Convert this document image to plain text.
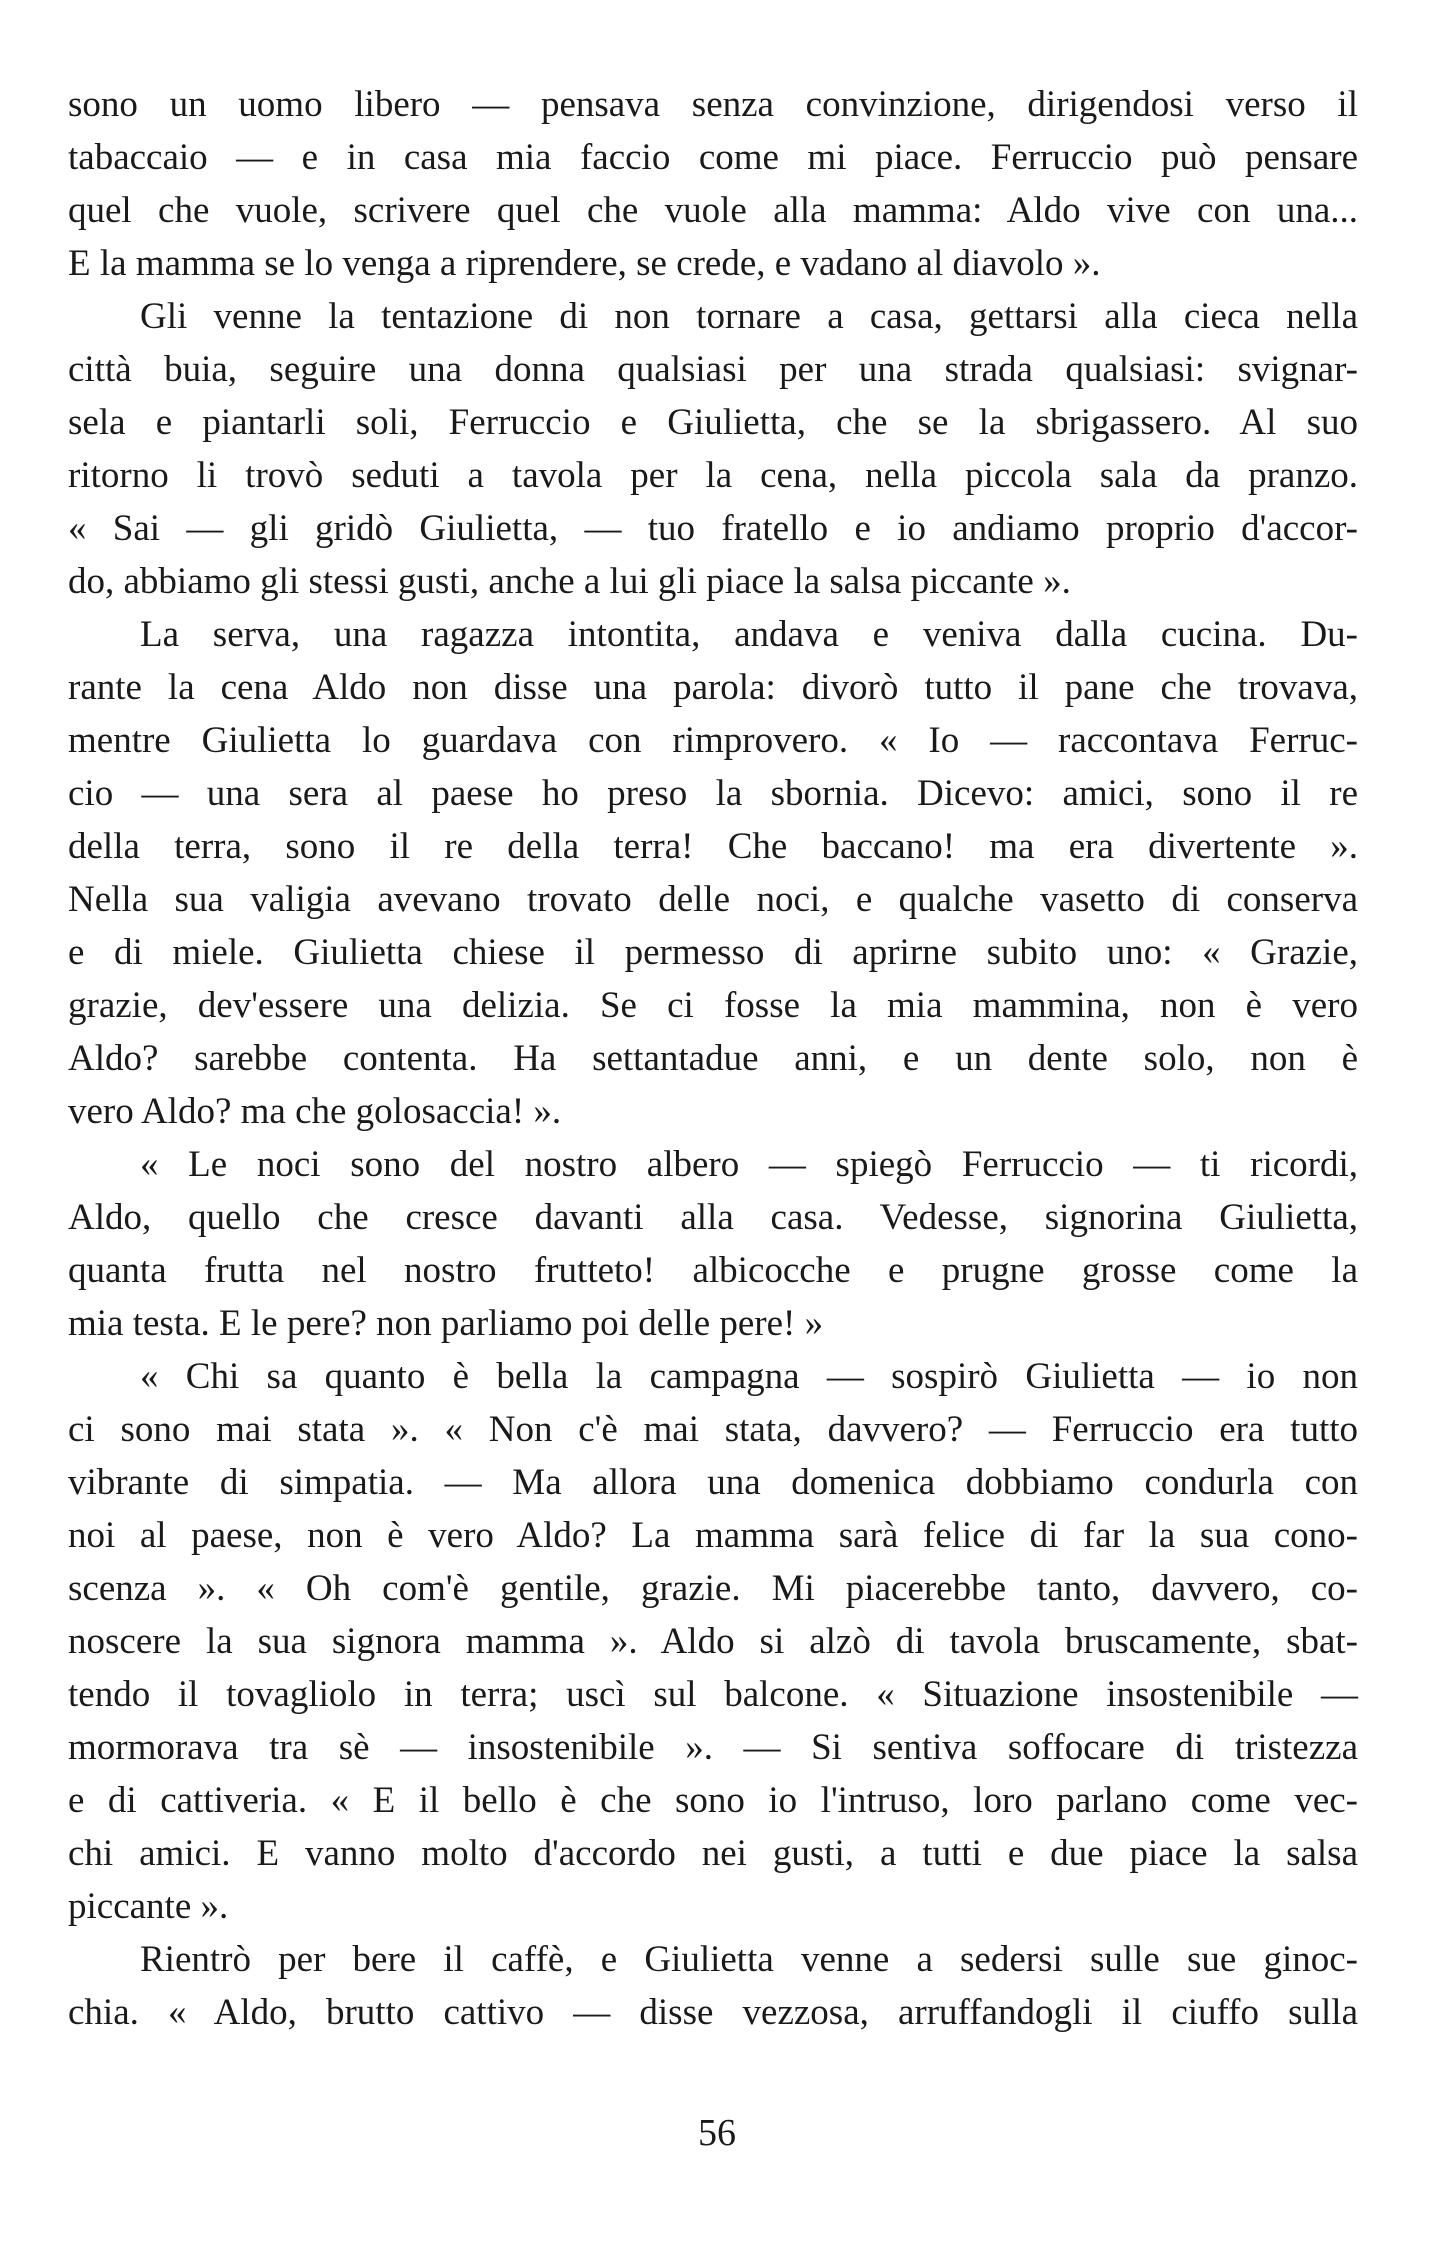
sono un uomo libero — pensava senza convinzione, dirigendosi verso il
tabaccaio — e in casa mia faccio come mi piace. Ferruccio può pensare
quel che vuole, scrivere quel che vuole alla mamma: Aldo vive con una...
E la mamma se lo venga a riprendere, se crede, e vadano al diavolo ».
Gli venne la tentazione di non tornare a casa, gettarsi alla cieca nella
città buia, seguire una donna qualsiasi per una strada qualsiasi: svignar-
sela e piantarli soli, Ferruccio e Giulietta, che se la sbrigassero. Al suo
ritorno li trovò seduti a tavola per la cena, nella piccola sala da pranzo.
« Sai — gli gridò Giulietta, — tuo fratello e io andiamo proprio d'accor-
do, abbiamo gli stessi gusti, anche a lui gli piace la salsa piccante ».
La serva, una ragazza intontita, andava e veniva dalla cucina. Du-
rante la cena Aldo non disse una parola: divorò tutto il pane che trovava,
mentre Giulietta lo guardava con rimprovero. « Io — raccontava Ferruc-
cio — una sera al paese ho preso la sbornia. Dicevo: amici, sono il re
della terra, sono il re della terra! Che baccano! ma era divertente ».
Nella sua valigia avevano trovato delle noci, e qualche vasetto di conserva
e di miele. Giulietta chiese il permesso di aprirne subito uno: « Grazie,
grazie, dev'essere una delizia. Se ci fosse la mia mammina, non è vero
Aldo? sarebbe contenta. Ha settantadue anni, e un dente solo, non è
vero Aldo? ma che golosaccia! ».
« Le noci sono del nostro albero — spiegò Ferruccio — ti ricordi,
Aldo, quello che cresce davanti alla casa. Vedesse, signorina Giulietta,
quanta frutta nel nostro frutteto! albicocche e prugne grosse come la
mia testa. E le pere? non parliamo poi delle pere! »
« Chi sa quanto è bella la campagna — sospirò Giulietta — io non
ci sono mai stata ». « Non c'è mai stata, davvero? — Ferruccio era tutto
vibrante di simpatia. — Ma allora una domenica dobbiamo condurla con
noi al paese, non è vero Aldo? La mamma sarà felice di far la sua cono-
scenza ». « Oh com'è gentile, grazie. Mi piacerebbe tanto, davvero, co-
noscere la sua signora mamma ». Aldo si alzò di tavola bruscamente, sbat-
tendo il tovagliolo in terra; uscì sul balcone. « Situazione insostenibile —
mormorava tra sè — insostenibile ». — Si sentiva soffocare di tristezza
e di cattiveria. « E il bello è che sono io l'intruso, loro parlano come vec-
chi amici. E vanno molto d'accordo nei gusti, a tutti e due piace la salsa
piccante ».
Rientrò per bere il caffè, e Giulietta venne a sedersi sulle sue ginoc-
chia. « Aldo, brutto cattivo — disse vezzosa, arruffandogli il ciuffo sulla
56
